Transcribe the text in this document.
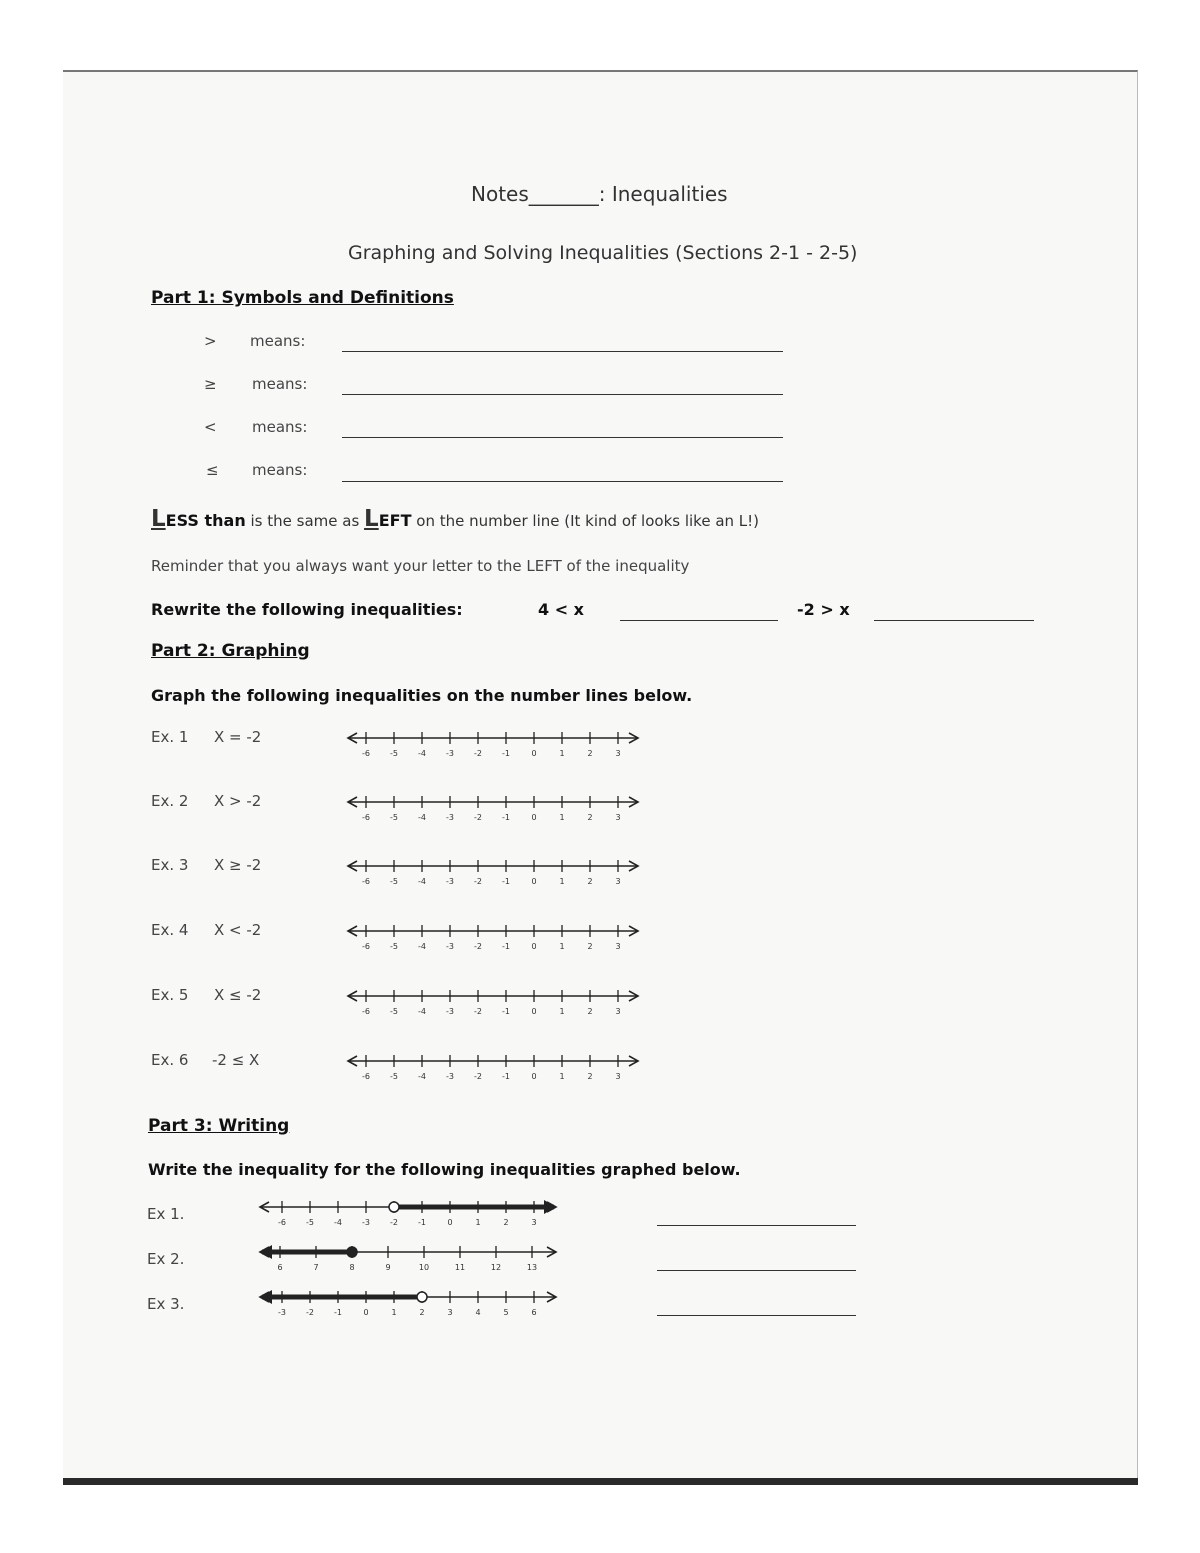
Notes_______: Inequalities
Graphing and Solving Inequalities (Sections 2-1 - 2-5)
Part 1: Symbols and Definitions
> means:
≥ means:
< means:
≤ means:
LESS than is the same as LEFT on the number line (It kind of looks like an L!)
Reminder that you always want your letter to the LEFT of the inequality
Rewrite the following inequalities:	4 < x	-2 > x
Part 2: Graphing
Graph the following inequalities on the number lines below.
Ex. 1 X = -2
-6	-5	-4	-3	-2	-1	0	1	2	3
Ex. 2 X > -2
-6	-5	-4	-3	-2	-1	0	1	2	3
Ex. 3 X ≥ -2
-6	-5	-4	-3	-2	-1	0	1	2	3
Ex. 4 X < -2
-6	-5	-4	-3	-2	-1	0	1	2	3
Ex. 5 X ≤ -2
-6	-5	-4	-3	-2	-1	0	1	2	3
Ex. 6 -2 ≤ X
-6	-5	-4	-3	-2	-1	0	1	2	3
Part 3: Writing
Write the inequality for the following inequalities graphed below.
Ex 1.	-6	-5	-4	-3	-2	-1	0	1	2	3
Ex 2.	6	7	8	9	10	11	12	13
Ex 3.	-3	-2	-1	0	1	2	3	4	5	6
